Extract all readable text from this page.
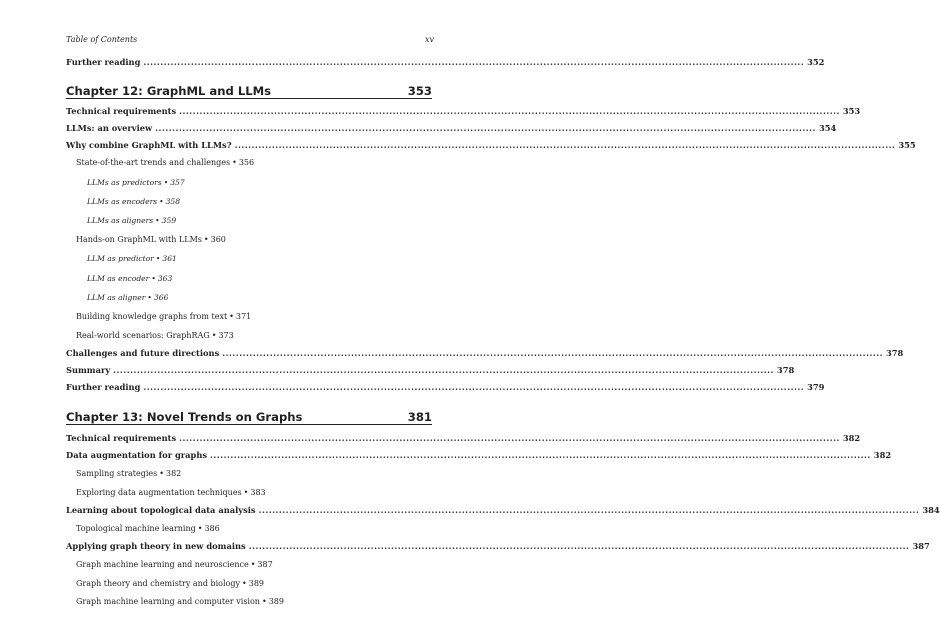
Table of Contents	xv
Further reading ................................................................................................................................................................................................... 352
Chapter 12: GraphML and LLMs	353
Technical requirements ................................................................................................................................................................................................... 353
LLMs: an overview ................................................................................................................................................................................................... 354
Why combine GraphML with LLMs? ................................................................................................................................................................................................... 355
State-of-the-art trends and challenges • 356
LLMs as predictors • 357
LLMs as encoders • 358
LLMs as aligners • 359
Hands-on GraphML with LLMs • 360
LLM as predictor • 361
LLM as encoder • 363
LLM as aligner • 366
Building knowledge graphs from text • 371
Real-world scenarios: GraphRAG • 373
Challenges and future directions ................................................................................................................................................................................................... 378
Summary ................................................................................................................................................................................................... 378
Further reading ................................................................................................................................................................................................... 379
Chapter 13: Novel Trends on Graphs	381
Technical requirements ................................................................................................................................................................................................... 382
Data augmentation for graphs ................................................................................................................................................................................................... 382
Sampling strategies • 382
Exploring data augmentation techniques • 383
Learning about topological data analysis ................................................................................................................................................................................................... 384
Topological machine learning • 386
Applying graph theory in new domains ................................................................................................................................................................................................... 387
Graph machine learning and neuroscience • 387
Graph theory and chemistry and biology • 389
Graph machine learning and computer vision • 389
